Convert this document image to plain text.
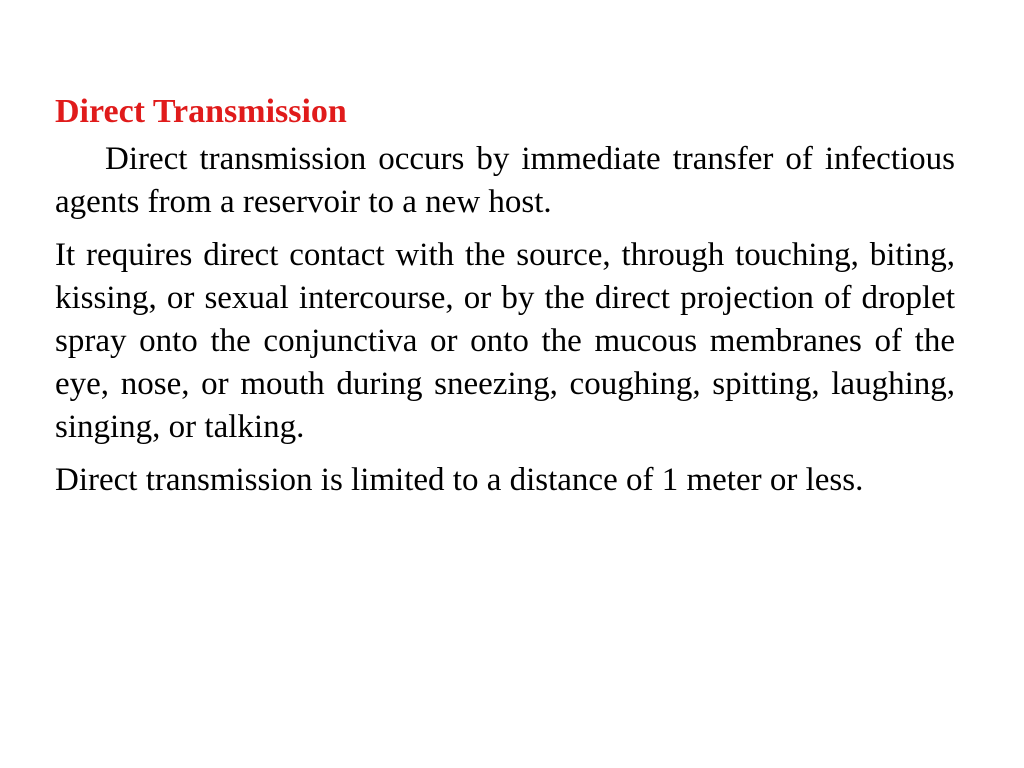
Direct Transmission

Direct transmission occurs by immediate transfer of infectious agents from a reservoir to a new host.

It requires direct contact with the source, through touching, biting, kissing, or sexual intercourse, or by the direct projection of droplet spray onto the conjunctiva or onto the mucous membranes of the eye, nose, or mouth during sneezing, coughing, spitting, laughing, singing, or talking.

Direct transmission is limited to a distance of 1 meter or less.
